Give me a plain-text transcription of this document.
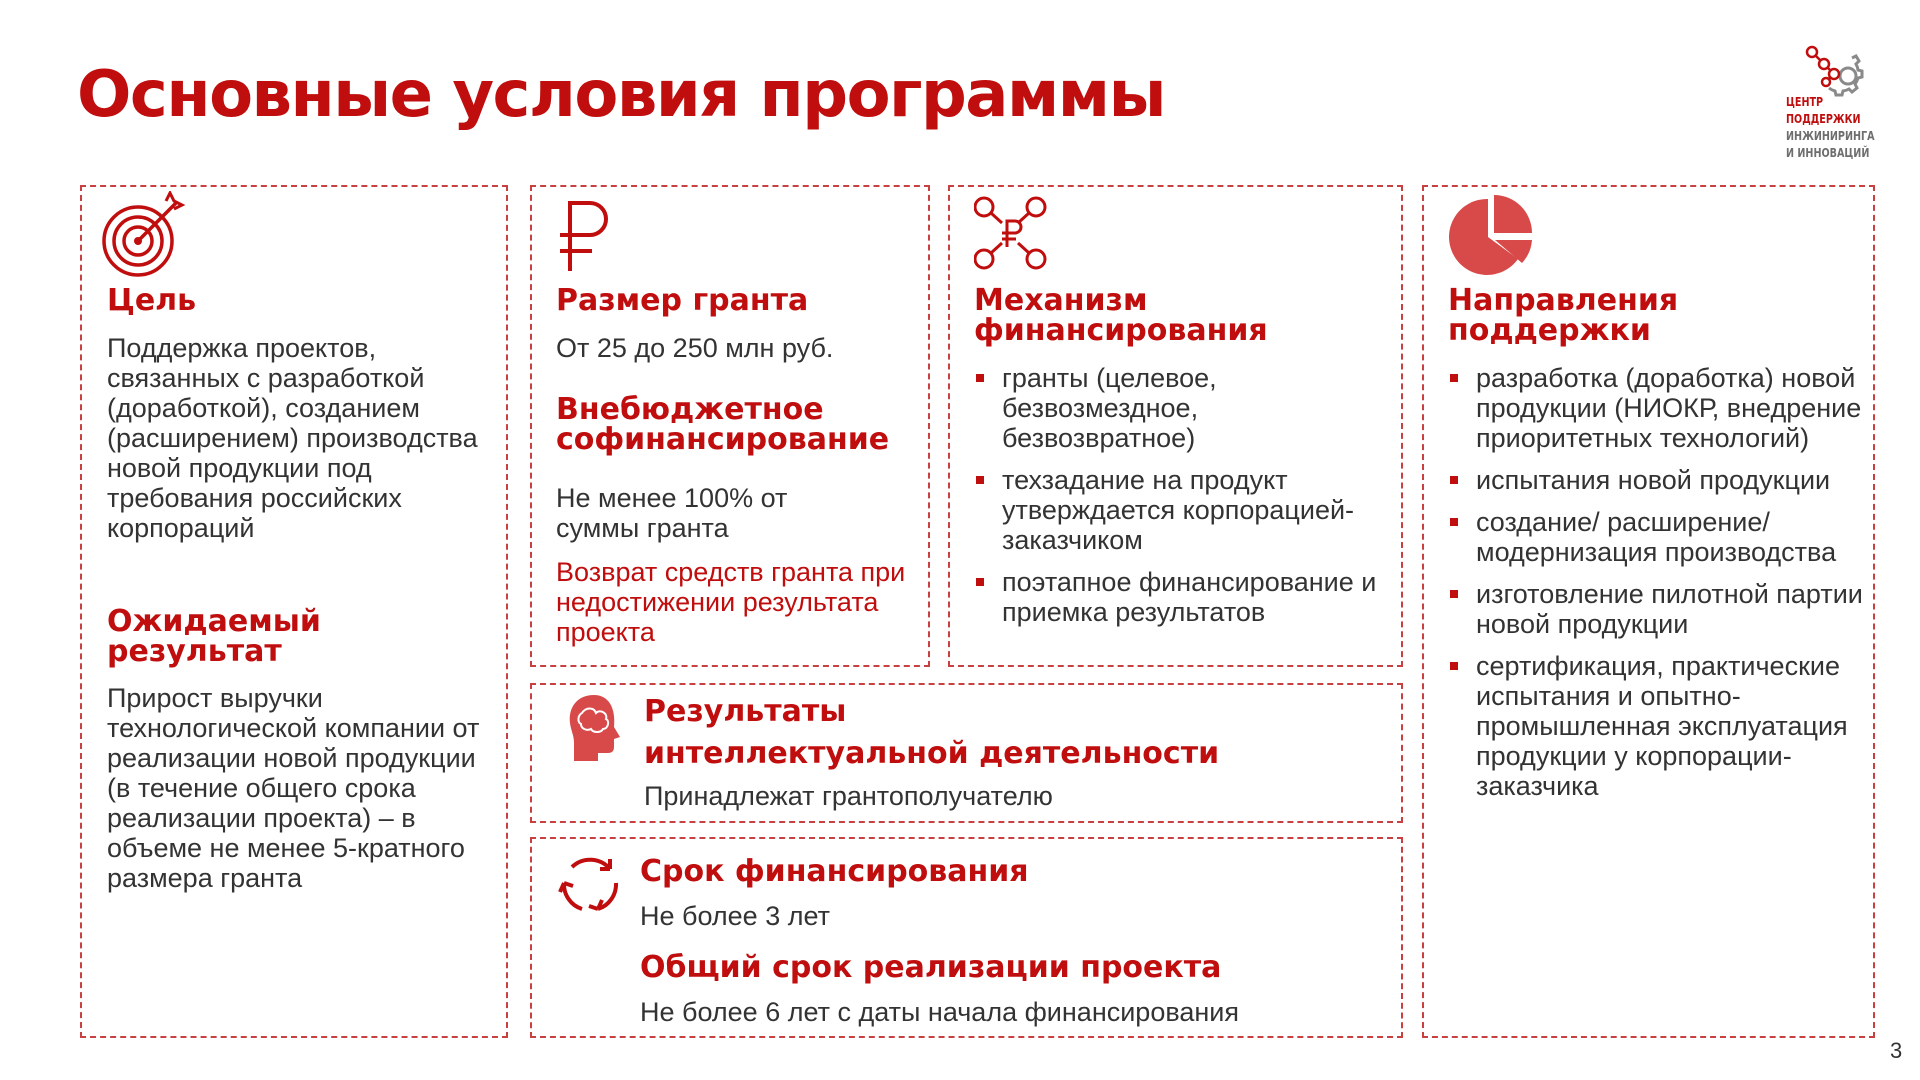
Основные условия программы	ЦЕНТР
ПОДДЕРЖКИ
ИНЖИНИРИНГА
И ИННОВАЦИЙ
Цель
Поддержка проектов, связанных с разработкой (доработкой), созданием (расширением) производства новой продукции под требования российских корпораций
Ожидаемый результат
Прирост выручки технологической компании от реализации новой продукции (в течение общего срока реализации проекта) – в объеме не менее 5-кратного размера гранта
Размер гранта
От 25 до 250 млн руб.
Внебюджетное софинансирование
Не менее 100% от суммы гранта
Возврат средств гранта при недостижении результата проекта
Механизм финансирования
гранты (целевое, безвозмездное, безвозвратное)
техзадание на продукт утверждается корпорацией-заказчиком
поэтапное финансирование и приемка результатов
Направления поддержки
разработка (доработка) новой продукции (НИОКР, внедрение приоритетных технологий)
испытания новой продукции
создание/ расширение/ модернизация производства
изготовление пилотной партии новой продукции
сертификация, практические испытания и опытно-промышленная эксплуатация продукции у корпорации-заказчика
Результаты
интеллектуальной деятельности
Принадлежат грантополучателю
Срок финансирования
Не более 3 лет
Общий срок реализации проекта
Не более 6 лет с даты начала финансирования
3
